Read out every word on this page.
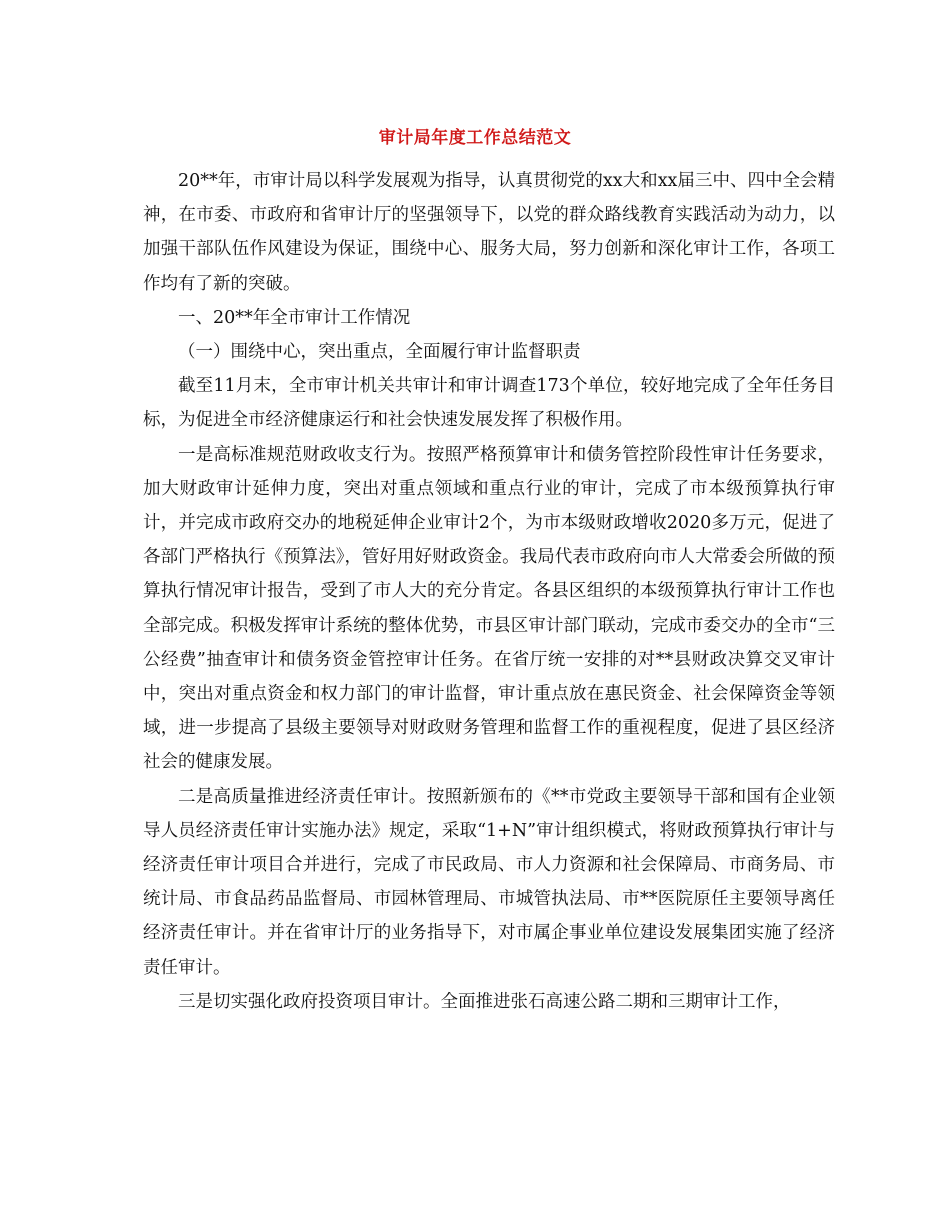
审计局年度工作总结范文

20**年，市审计局以科学发展观为指导，认真贯彻党的xx大和xx届三中、四中全会精神，在市委、市政府和省审计厅的坚强领导下，以党的群众路线教育实践活动为动力，以加强干部队伍作风建设为保证，围绕中心、服务大局，努力创新和深化审计工作，各项工作均有了新的突破。

一、20**年全市审计工作情况

（一）围绕中心，突出重点，全面履行审计监督职责

截至11月末，全市审计机关共审计和审计调查173个单位，较好地完成了全年任务目标，为促进全市经济健康运行和社会快速发展发挥了积极作用。

一是高标准规范财政收支行为。按照严格预算审计和债务管控阶段性审计任务要求，加大财政审计延伸力度，突出对重点领域和重点行业的审计，完成了市本级预算执行审计，并完成市政府交办的地税延伸企业审计2个，为市本级财政增收2020多万元，促进了各部门严格执行《预算法》，管好用好财政资金。我局代表市政府向市人大常委会所做的预算执行情况审计报告，受到了市人大的充分肯定。各县区组织的本级预算执行审计工作也全部完成。积极发挥审计系统的整体优势，市县区审计部门联动，完成市委交办的全市“三公经费”抽查审计和债务资金管控审计任务。在省厅统一安排的对**县财政决算交叉审计中，突出对重点资金和权力部门的审计监督，审计重点放在惠民资金、社会保障资金等领域，进一步提高了县级主要领导对财政财务管理和监督工作的重视程度，促进了县区经济社会的健康发展。

二是高质量推进经济责任审计。按照新颁布的《**市党政主要领导干部和国有企业领导人员经济责任审计实施办法》规定，采取“1+N”审计组织模式，将财政预算执行审计与经济责任审计项目合并进行，完成了市民政局、市人力资源和社会保障局、市商务局、市统计局、市食品药品监督局、市园林管理局、市城管执法局、市**医院原任主要领导离任经济责任审计。并在省审计厅的业务指导下，对市属企事业单位建设发展集团实施了经济责任审计。

三是切实强化政府投资项目审计。全面推进张石高速公路二期和三期审计工作，
